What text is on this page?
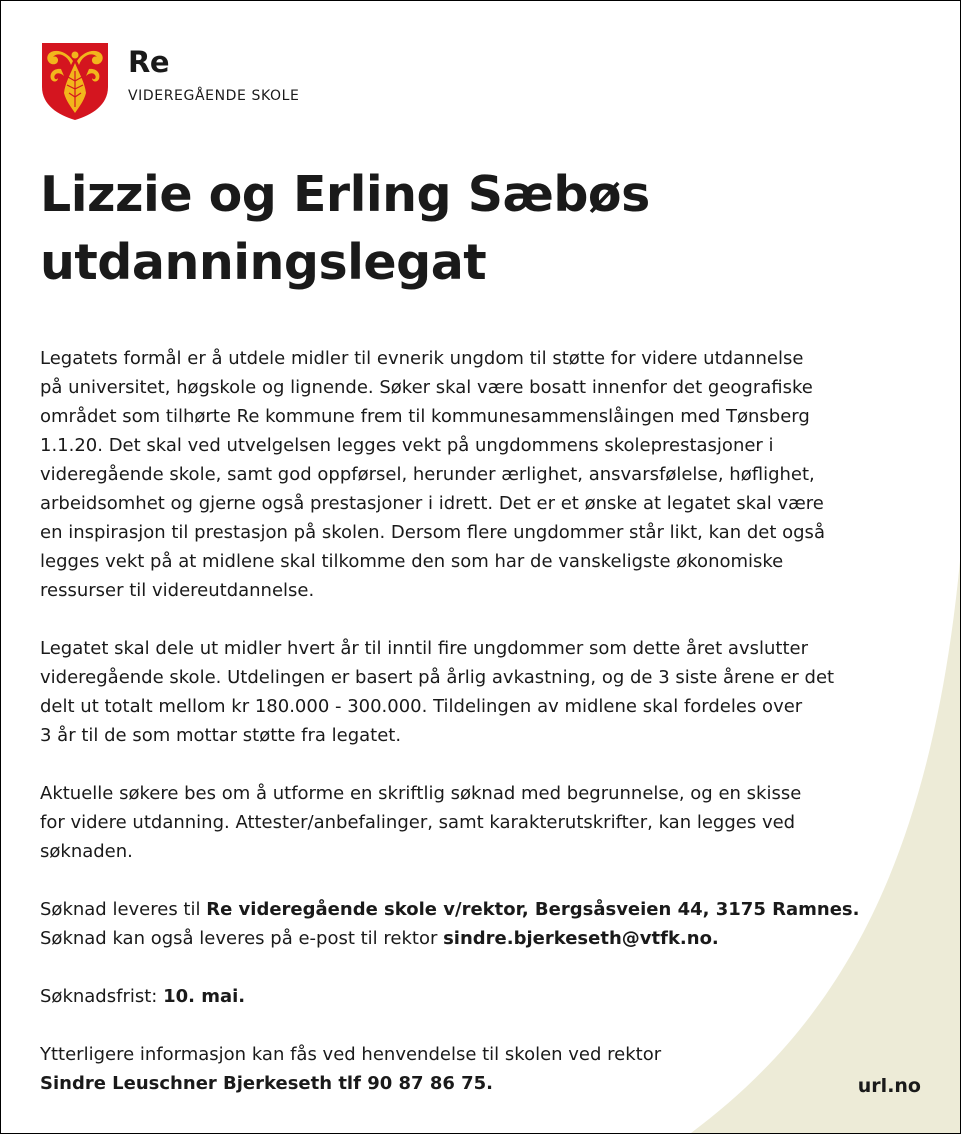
Re
VIDEREGÅENDE SKOLE
Lizzie og Erling Sæbøs
utdanningslegat

Legatets formål er å utdele midler til evnerik ungdom til støtte for videre utdannelse
på universitet, høgskole og lignende. Søker skal være bosatt innenfor det geografiske
området som tilhørte Re kommune frem til kommunesammenslåingen med Tønsberg
1.1.20. Det skal ved utvelgelsen legges vekt på ungdommens skoleprestasjoner i
videregående skole, samt god oppførsel, herunder ærlighet, ansvarsfølelse, høflighet,
arbeidsomhet og gjerne også prestasjoner i idrett. Det er et ønske at legatet skal være
en inspirasjon til prestasjon på skolen. Dersom flere ungdommer står likt, kan det også
legges vekt på at midlene skal tilkomme den som har de vanskeligste økonomiske
ressurser til videreutdannelse.

Legatet skal dele ut midler hvert år til inntil fire ungdommer som dette året avslutter
videregående skole. Utdelingen er basert på årlig avkastning, og de 3 siste årene er det
delt ut totalt mellom kr 180.000 - 300.000. Tildelingen av midlene skal fordeles over
3 år til de som mottar støtte fra legatet.

Aktuelle søkere bes om å utforme en skriftlig søknad med begrunnelse, og en skisse
for videre utdanning. Attester/anbefalinger, samt karakterutskrifter, kan legges ved
søknaden.

Søknad leveres til Re videregående skole v/rektor, Bergsåsveien 44, 3175 Ramnes.
Søknad kan også leveres på e-post til rektor sindre.bjerkeseth@vtfk.no.

Søknadsfrist: 10. mai.

Ytterligere informasjon kan fås ved henvendelse til skolen ved rektor
Sindre Leuschner Bjerkeseth tlf 90 87 86 75.	url.no
